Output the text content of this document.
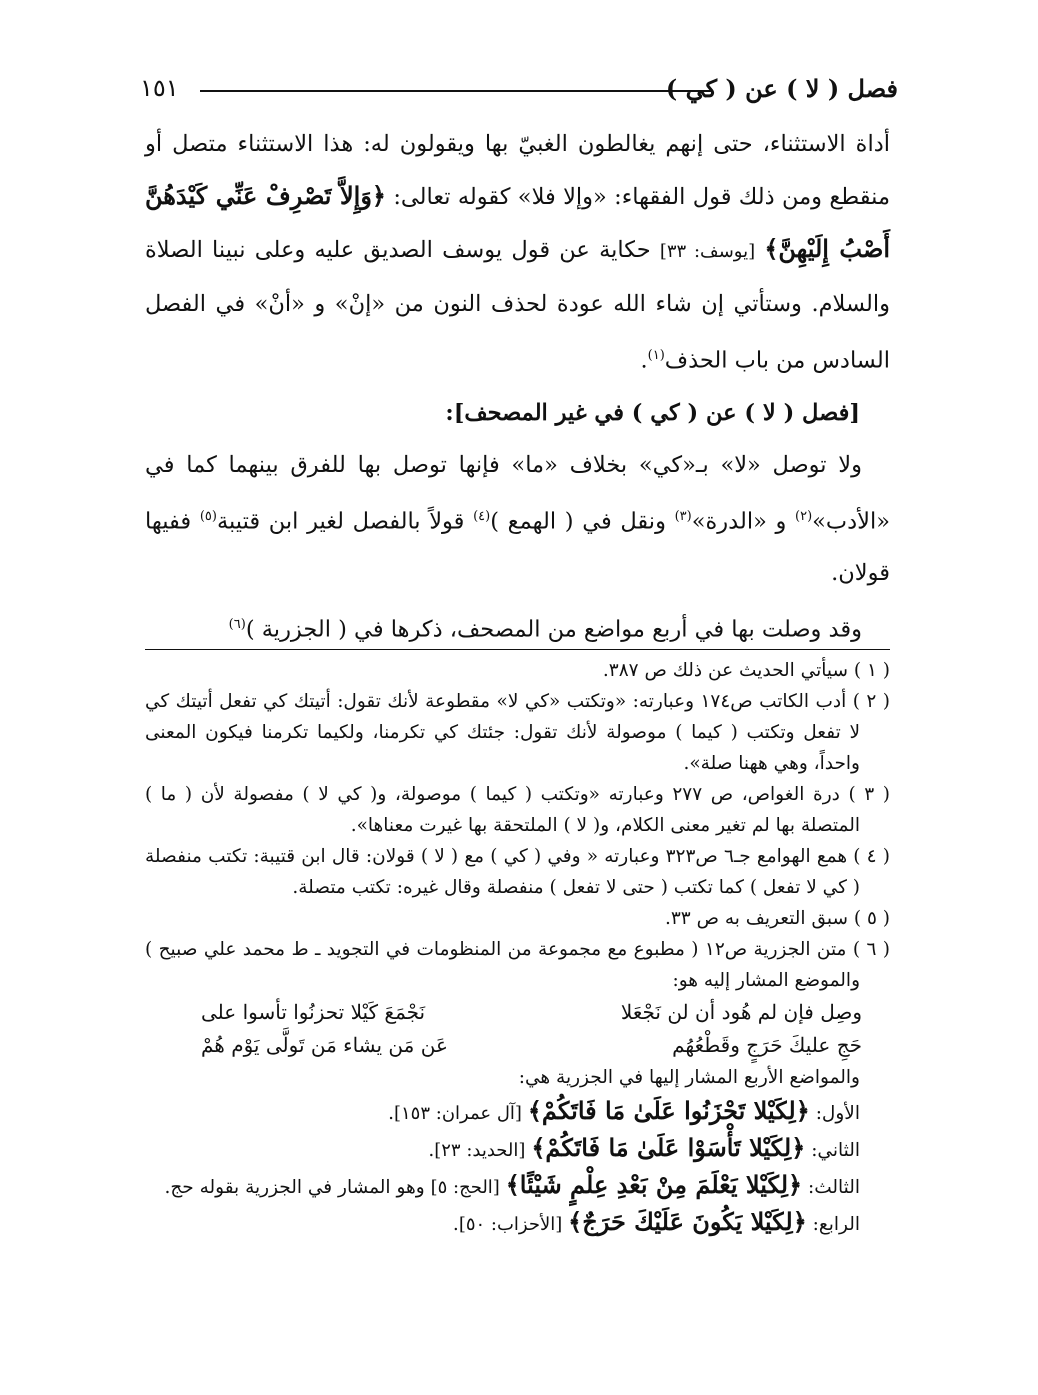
١٥١	فصل ( لا ) عن ( كي )

أداة الاستثناء، حتى إنهم يغالطون الغبيّ بها ويقولون له: هذا الاستثناء متصل أو منقطع ومن ذلك قول الفقهاء: «وإلا فلا» كقوله تعالى: ﴿وَإِلاَّ تَصْرِفْ عَنِّي كَيْدَهُنَّ أَصْبُ إِلَيْهِنَّ﴾ [يوسف: ٣٣] حكاية عن قول يوسف الصديق عليه وعلى نبينا الصلاة والسلام. وستأتي إن شاء الله عودة لحذف النون من «إنْ» و «أنْ» في الفصل السادس من باب الحذف$^{(١)}$.

[فصل ( لا ) عن ( كي ) في غير المصحف]:

ولا توصل «لا» بـ«كي» بخلاف «ما» فإنها توصل بها للفرق بينهما كما في «الأدب»$^{(٢)}$ و «الدرة»$^{(٣)}$ ونقل في ( الهمع )$^{(٤)}$ قولاً بالفصل لغير ابن قتيبة$^{(٥)}$ ففيها قولان.

وقد وصلت بها في أربع مواضع من المصحف، ذكرها في ( الجزرية )$^{(٦)}$

( ١ ) سيأتي الحديث عن ذلك ص ٣٨٧.

( ٢ ) أدب الكاتب ص١٧٤ وعبارته: «وتكتب «كي لا» مقطوعة لأنك تقول: أتيتك كي تفعل أتيتك كي لا تفعل وتكتب ( كيما ) موصولة لأنك تقول: جئتك كي تكرمنا، ولكيما تكرمنا فيكون المعنى واحداً، وهي ههنا صلة».

( ٣ ) درة الغواص، ص ٢٧٧ وعبارته «وتكتب ( كيما ) موصولة، و( كي لا ) مفصولة لأن ( ما ) المتصلة بها لم تغير معنى الكلام، و( لا ) الملتحقة بها غيرت معناها».

( ٤ ) همع الهوامع جـ٦ ص٣٢٣ وعبارته « وفي ( كي ) مع ( لا ) قولان: قال ابن قتيبة: تكتب منفصلة ( كي لا تفعل ) كما تكتب ( حتى لا تفعل ) منفصلة وقال غيره: تكتب متصلة.

( ٥ ) سبق التعريف به ص ٣٣.

( ٦ ) متن الجزرية ص١٢ ( مطبوع مع مجموعة من المنظومات في التجويد ـ ط محمد علي صبيح ) والموضع المشار إليه هو:

وصِل فإن لم هُود أن لن نَجْعَلا
نَجْمَعَ كَيْلا تحزنُوا تأسوا على
حَجِ عليكَ حَرَجٍ وقَطْعُهُم
عَن مَن يشاء مَن تَولَّى يَوْم هُمْ

والمواضع الأربع المشار إليها في الجزرية هي:

الأول: ﴿لِكَيْلا تَحْزَنُوا عَلَىٰ مَا فَاتَكُمْ﴾ [آل عمران: ١٥٣].

الثاني: ﴿لِكَيْلا تَأْسَوْا عَلَىٰ مَا فَاتَكُمْ﴾ [الحديد: ٢٣].

الثالث: ﴿لِكَيْلا يَعْلَمَ مِنْ بَعْدِ عِلْمٍ شَيْئًا﴾ [الحج: ٥] وهو المشار في الجزرية بقوله حج.

الرابع: ﴿لِكَيْلا يَكُونَ عَلَيْكَ حَرَجٌ﴾ [الأحزاب: ٥٠].
